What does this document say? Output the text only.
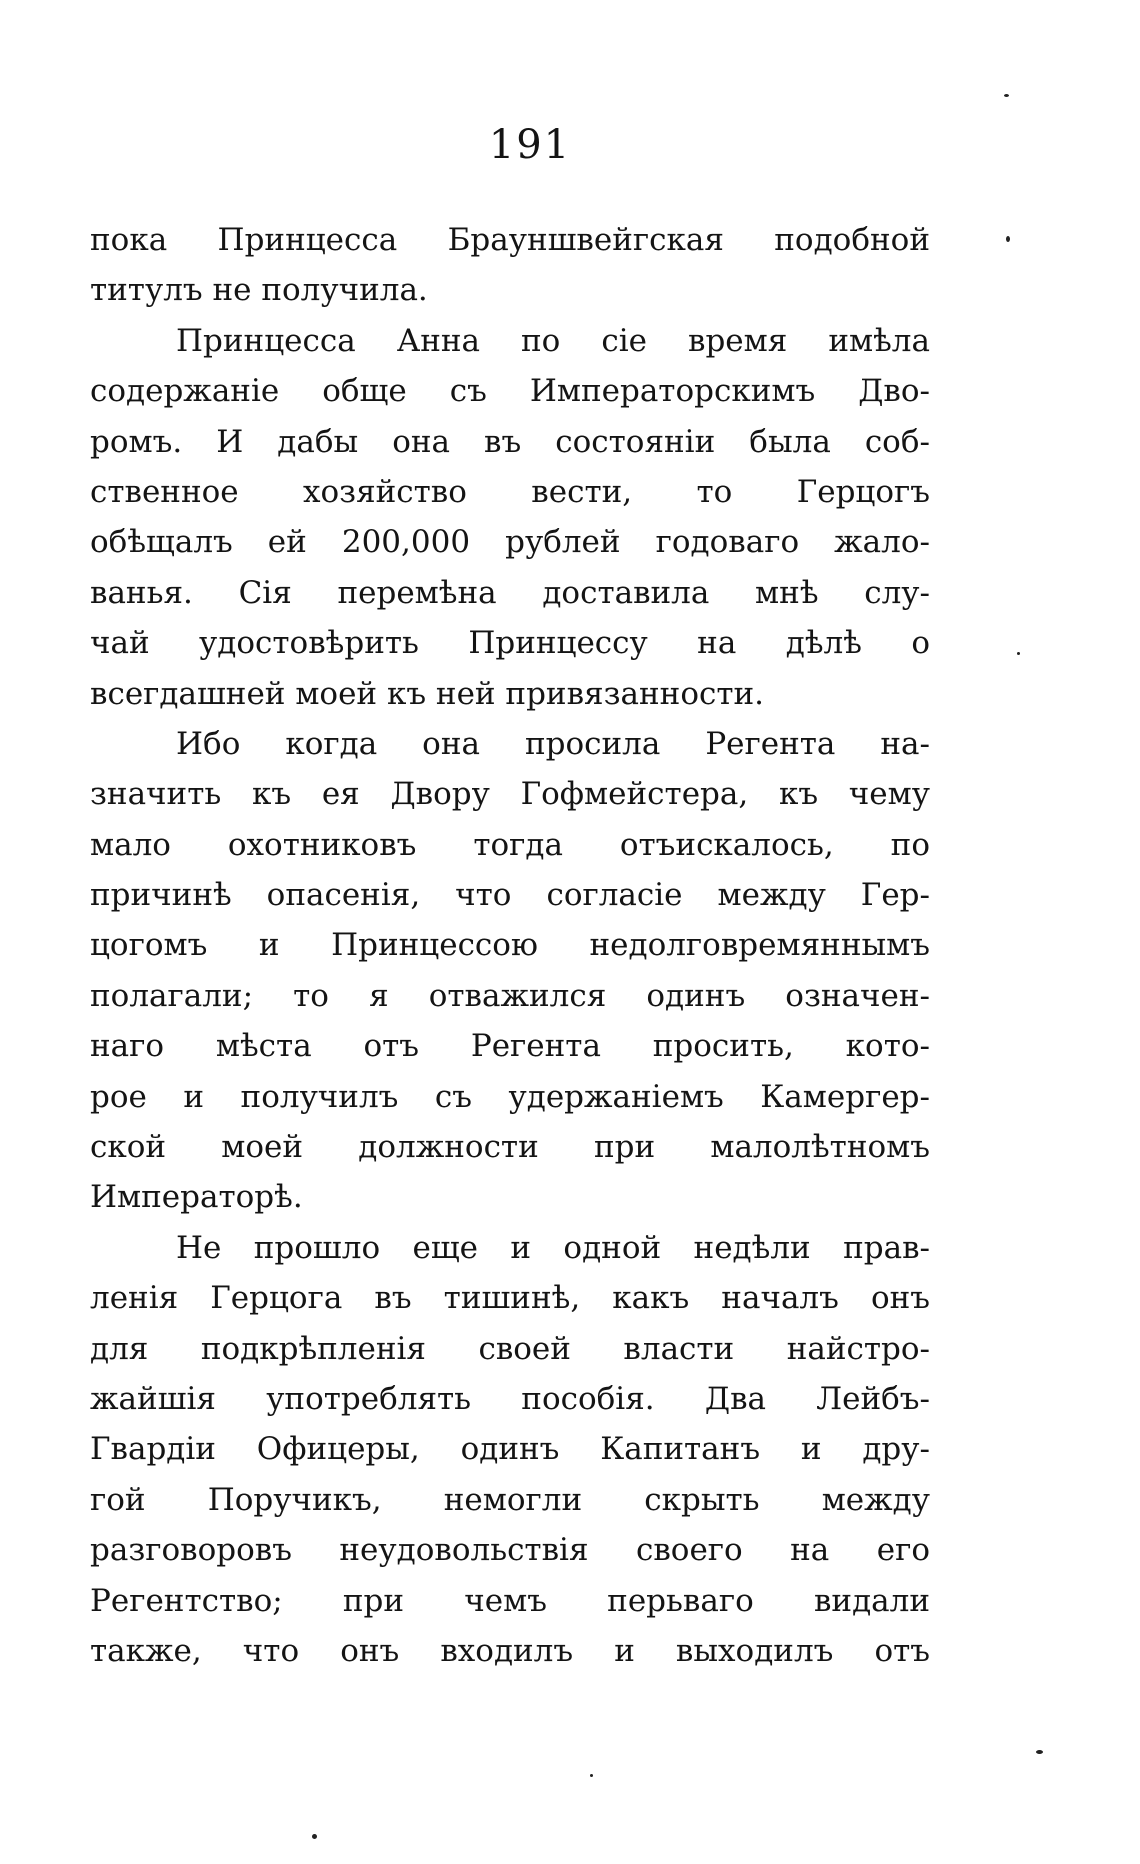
191
пока Принцесса Брауншвейгская подобной
титулъ не получила.
Принцесса Анна по сіе время имѣла
содержаніе обще съ Императорскимъ Дво-
ромъ. И дабы она въ состояніи была соб-
ственное хозяйство вести, то Герцогъ
обѣщалъ ей 200,000 рублей годоваго жало-
ванья. Сія перемѣна доставила мнѣ слу-
чай удостовѣрить Принцессу на дѣлѣ о
всегдашней моей къ ней привязанности.
Ибо когда она просила Регента на-
значить къ ея Двору Гофмейстера, къ чему
мало охотниковъ тогда отъискалось, по
причинѣ опасенія, что согласіе между Гер-
цогомъ и Принцессою недолговремяннымъ
полагали; то я отважился одинъ означен-
наго мѣста отъ Регента просить, кото-
рое и получилъ съ удержаніемъ Камергер-
ской моей должности при малолѣтномъ
Императорѣ.
Не прошло еще и одной недѣли прав-
ленія Герцога въ тишинѣ, какъ началъ онъ
для подкрѣпленія своей власти найстро-
жайшія употреблять пособія. Два Лейбъ-
Гвардіи Офицеры, одинъ Капитанъ и дру-
гой Поручикъ, немогли скрыть между
разговоровъ неудовольствія своего на его
Регентство; при чемъ перьваго видали
также, что онъ входилъ и выходилъ отъ
